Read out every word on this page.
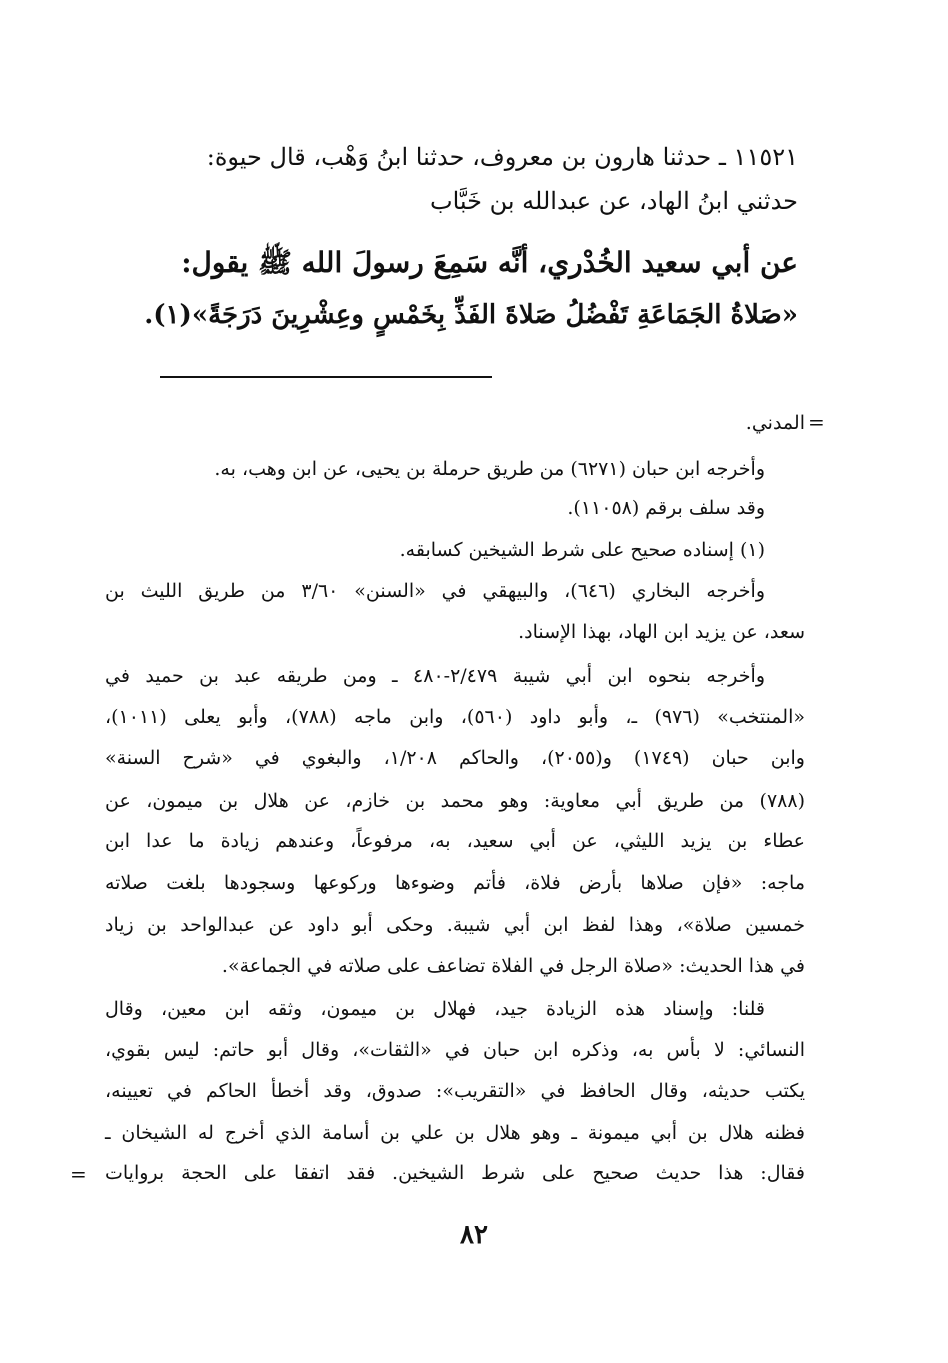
١١٥٢١ ـ حدثنا هارون بن معروف، حدثنا ابنُ وَهْب، قال حيوة:
حدثني ابنُ الهاد، عن عبدالله بن خَبَّاب
عن أبي سعيد الخُدْري، أنَّه سَمِعَ رسولَ الله ﷺ يقول:
«صَلاةُ الجَمَاعَةِ تَفْضُلُ صَلاةَ الفَذِّ بِخَمْسٍ وعِشْرِينَ دَرَجَةً»(١).
=
المدني.
وأخرجه ابن حبان (٦٢٧١) من طريق حرملة بن يحيى، عن ابن وهب، به.
وقد سلف برقم (١١٠٥٨).
(١) إسناده صحيح على شرط الشيخين كسابقه.
وأخرجه البخاري (٦٤٦)، والبيهقي في «السنن» ٣/٦٠ من طريق الليث بن
سعد، عن يزيد ابن الهاد، بهذا الإسناد.
وأخرجه بنحوه ابن أبي شيبة ٢/٤٧٩-٤٨٠ ـ ومن طريقه عبد بن حميد في
«المنتخب» (٩٧٦) ـ، وأبو داود (٥٦٠)، وابن ماجه (٧٨٨)، وأبو يعلى (١٠١١)،
وابن حبان (١٧٤٩) و(٢٠٥٥)، والحاكم ١/٢٠٨، والبغوي في «شرح السنة»
(٧٨٨) من طريق أبي معاوية: وهو محمد بن خازم، عن هلال بن ميمون، عن
عطاء بن يزيد الليثي، عن أبي سعيد، به، مرفوعاً، وعندهم زيادة ما عدا ابن
ماجه: «فإن صلاها بأرض فلاة، فأتم وضوءها وركوعها وسجودها بلغت صلاته
خمسين صلاة»، وهذا لفظ ابن أبي شيبة. وحكى أبو داود عن عبدالواحد بن زياد
في هذا الحديث: «صلاة الرجل في الفلاة تضاعف على صلاته في الجماعة».
قلنا: وإسناد هذه الزيادة جيد، فهلال بن ميمون، وثقه ابن معين، وقال
النسائي: لا بأس به، وذكره ابن حبان في «الثقات»، وقال أبو حاتم: ليس بقوي،
يكتب حديثه، وقال الحافظ في «التقريب»: صدوق، وقد أخطأ الحاكم في تعيينه،
فظنه هلال بن أبي ميمونة ـ وهو هلال بن علي بن أسامة الذي أخرج له الشيخان ـ
فقال: هذا حديث صحيح على شرط الشيخين. فقد اتفقا على الحجة بروايات
=
٨٢
